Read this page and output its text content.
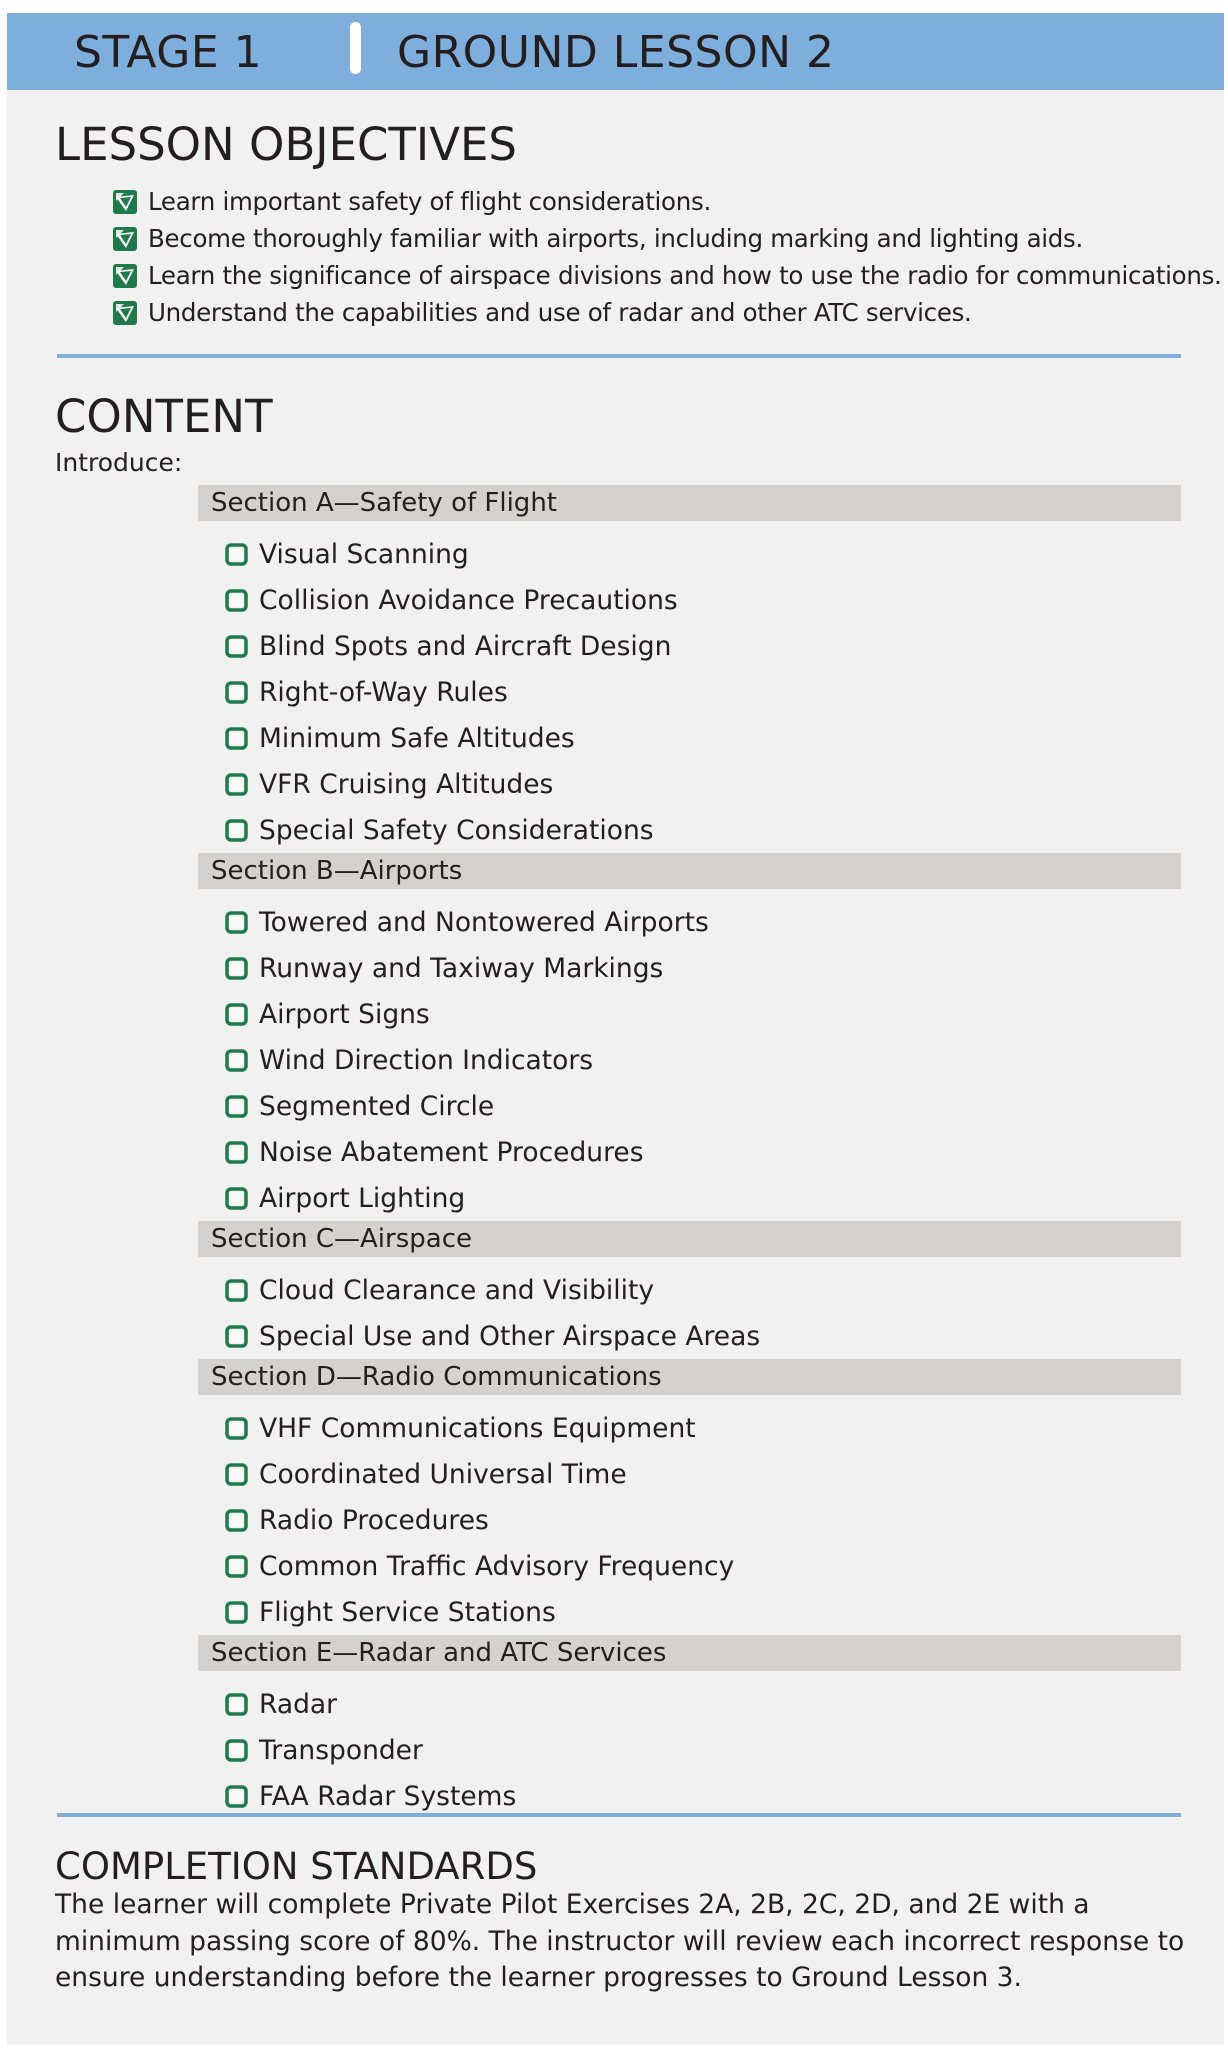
STAGE 1	GROUND LESSON 2
LESSON OBJECTIVES
Learn important safety of flight considerations.
Become thoroughly familiar with airports, including marking and lighting aids.
Learn the significance of airspace divisions and how to use the radio for communications.
Understand the capabilities and use of radar and other ATC services.
CONTENT
Introduce:
Section A—Safety of Flight
Visual Scanning
Collision Avoidance Precautions
Blind Spots and Aircraft Design
Right-of-Way Rules
Minimum Safe Altitudes
VFR Cruising Altitudes
Special Safety Considerations
Section B—Airports
Towered and Nontowered Airports
Runway and Taxiway Markings
Airport Signs
Wind Direction Indicators
Segmented Circle
Noise Abatement Procedures
Airport Lighting
Section C—Airspace
Cloud Clearance and Visibility
Special Use and Other Airspace Areas
Section D—Radio Communications
VHF Communications Equipment
Coordinated Universal Time
Radio Procedures
Common Traffic Advisory Frequency
Flight Service Stations
Section E—Radar and ATC Services
Radar
Transponder
FAA Radar Systems
COMPLETION STANDARDS
The learner will complete Private Pilot Exercises 2A, 2B, 2C, 2D, and 2E with a minimum passing score of 80%. The instructor will review each incorrect response to ensure understanding before the learner progresses to Ground Lesson 3.
